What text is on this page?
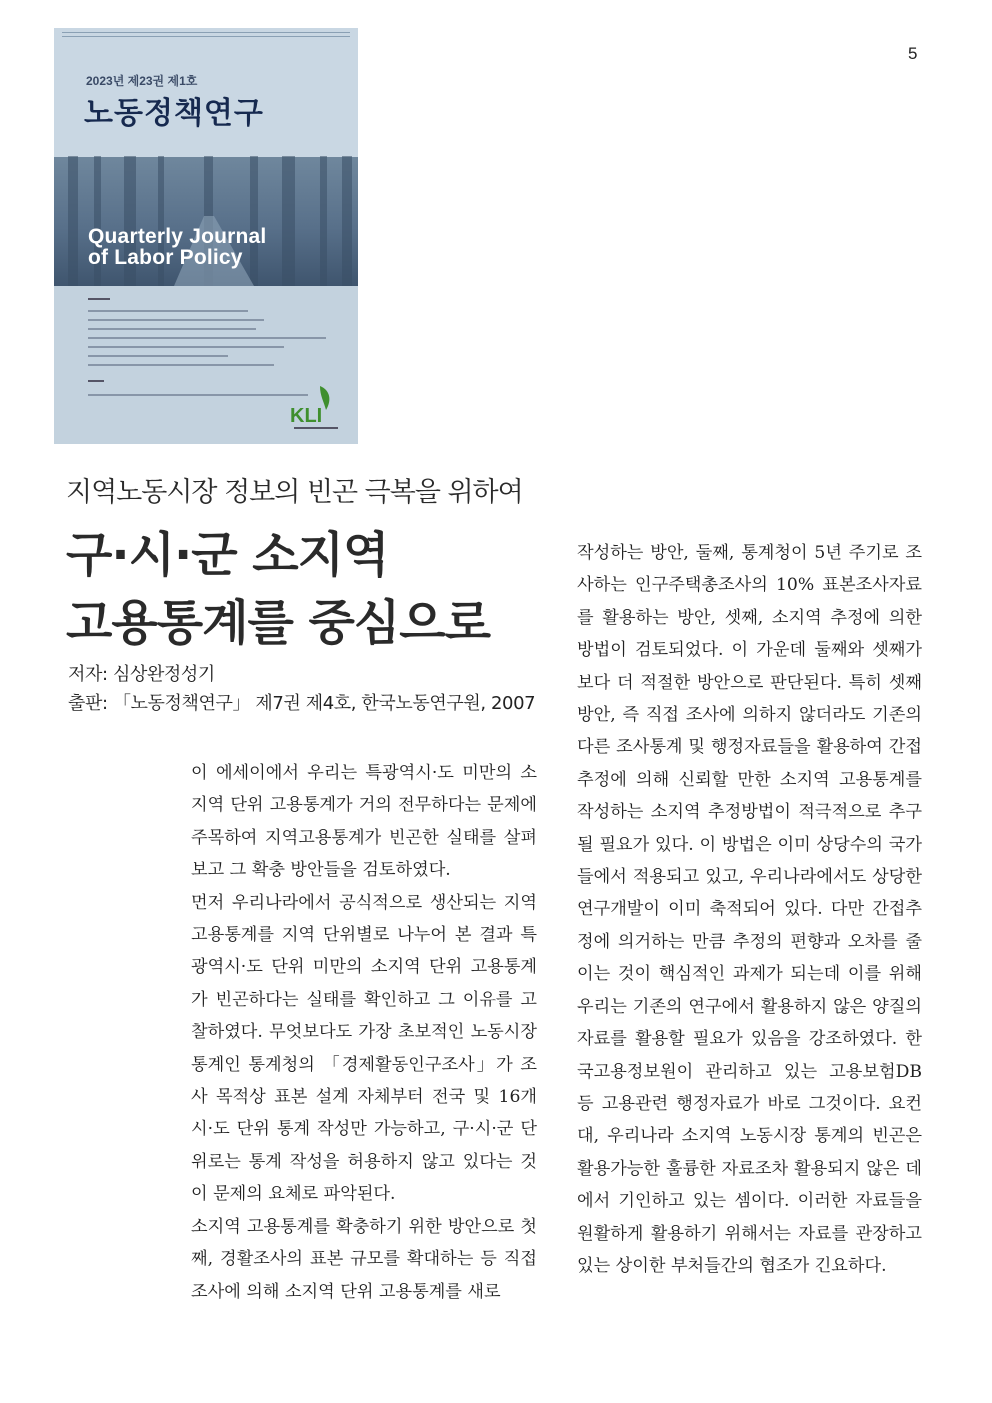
5
2023년 제23권 제1호
노동정책연구
Quarterly Journal
of Labor Policy
KLI
지역노동시장 정보의 빈곤 극복을 위하여
구·시·군 소지역
고용통계를 중심으로
저자: 심상완정성기
출판: 「노동정책연구」 제7권 제4호, 한국노동연구원, 2007

이 에세이에서 우리는 특광역시·도 미만의 소지역 단위 고용통계가 거의 전무하다는 문제에 주목하여 지역고용통계가 빈곤한 실태를 살펴보고 그 확충 방안들을 검토하였다.

먼저 우리나라에서 공식적으로 생산되는 지역고용통계를 지역 단위별로 나누어 본 결과 특광역시·도 단위 미만의 소지역 단위 고용통계가 빈곤하다는 실태를 확인하고 그 이유를 고찰하였다. 무엇보다도 가장 초보적인 노동시장 통계인 통계청의 「경제활동인구조사」가 조사 목적상 표본 설계 자체부터 전국 및 16개 시·도 단위 통계 작성만 가능하고, 구·시·군 단위로는 통계 작성을 허용하지 않고 있다는 것이 문제의 요체로 파악된다.

소지역 고용통계를 확충하기 위한 방안으로 첫째, 경활조사의 표본 규모를 확대하는 등 직접 조사에 의해 소지역 단위 고용통계를 새로

작성하는 방안, 둘째, 통계청이 5년 주기로 조사하는 인구주택총조사의 10% 표본조사자료를 활용하는 방안, 셋째, 소지역 추정에 의한 방법이 검토되었다. 이 가운데 둘째와 셋째가 보다 더 적절한 방안으로 판단된다. 특히 셋째 방안, 즉 직접 조사에 의하지 않더라도 기존의 다른 조사통계 및 행정자료들을 활용하여 간접추정에 의해 신뢰할 만한 소지역 고용통계를 작성하는 소지역 추정방법이 적극적으로 추구될 필요가 있다. 이 방법은 이미 상당수의 국가들에서 적용되고 있고, 우리나라에서도 상당한 연구개발이 이미 축적되어 있다. 다만 간접추정에 의거하는 만큼 추정의 편향과 오차를 줄이는 것이 핵심적인 과제가 되는데 이를 위해 우리는 기존의 연구에서 활용하지 않은 양질의 자료를 활용할 필요가 있음을 강조하였다. 한국고용정보원이 관리하고 있는 고용보험DB 등 고용관련 행정자료가 바로 그것이다. 요컨대, 우리나라 소지역 노동시장 통계의 빈곤은 활용가능한 훌륭한 자료조차 활용되지 않은 데에서 기인하고 있는 셈이다. 이러한 자료들을 원활하게 활용하기 위해서는 자료를 관장하고 있는 상이한 부처들간의 협조가 긴요하다.
